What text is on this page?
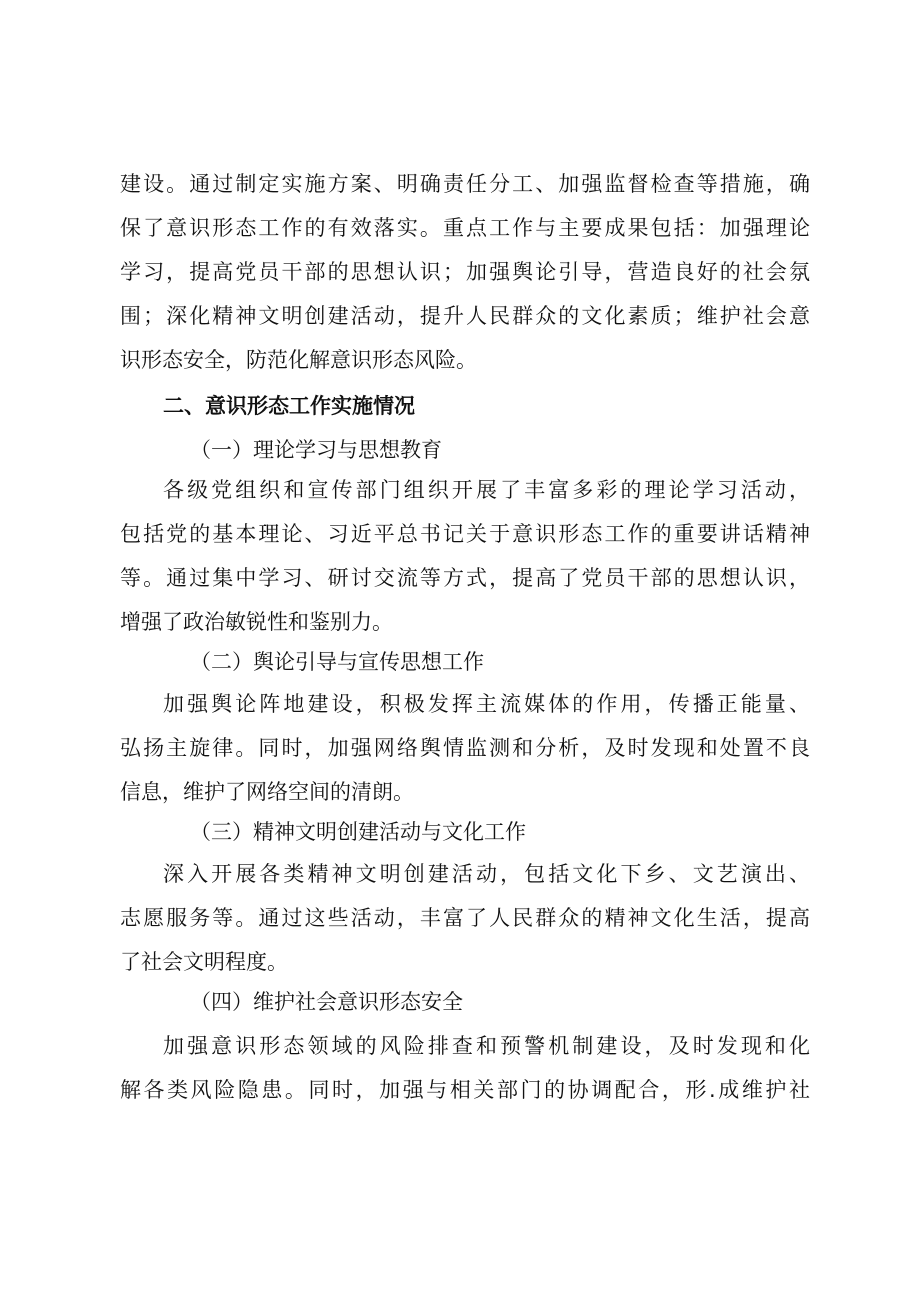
建设。通过制定实施方案、明确责任分工、加强监督检查等措施，确
保了意识形态工作的有效落实。重点工作与主要成果包括：加强理论
学习，提高党员干部的思想认识；加强舆论引导，营造良好的社会氛
围；深化精神文明创建活动，提升人民群众的文化素质；维护社会意
识形态安全，防范化解意识形态风险。
二、意识形态工作实施情况
（一）理论学习与思想教育
各级党组织和宣传部门组织开展了丰富多彩的理论学习活动，
包括党的基本理论、习近平总书记关于意识形态工作的重要讲话精神
等。通过集中学习、研讨交流等方式，提高了党员干部的思想认识，
增强了政治敏锐性和鉴别力。
（二）舆论引导与宣传思想工作
加强舆论阵地建设，积极发挥主流媒体的作用，传播正能量、
弘扬主旋律。同时，加强网络舆情监测和分析，及时发现和处置不良
信息，维护了网络空间的清朗。
（三）精神文明创建活动与文化工作
深入开展各类精神文明创建活动，包括文化下乡、文艺演出、
志愿服务等。通过这些活动，丰富了人民群众的精神文化生活，提高
了社会文明程度。
（四）维护社会意识形态安全
加强意识形态领域的风险排查和预警机制建设，及时发现和化
解各类风险隐患。同时，加强与相关部门的协调配合，形.成维护社
